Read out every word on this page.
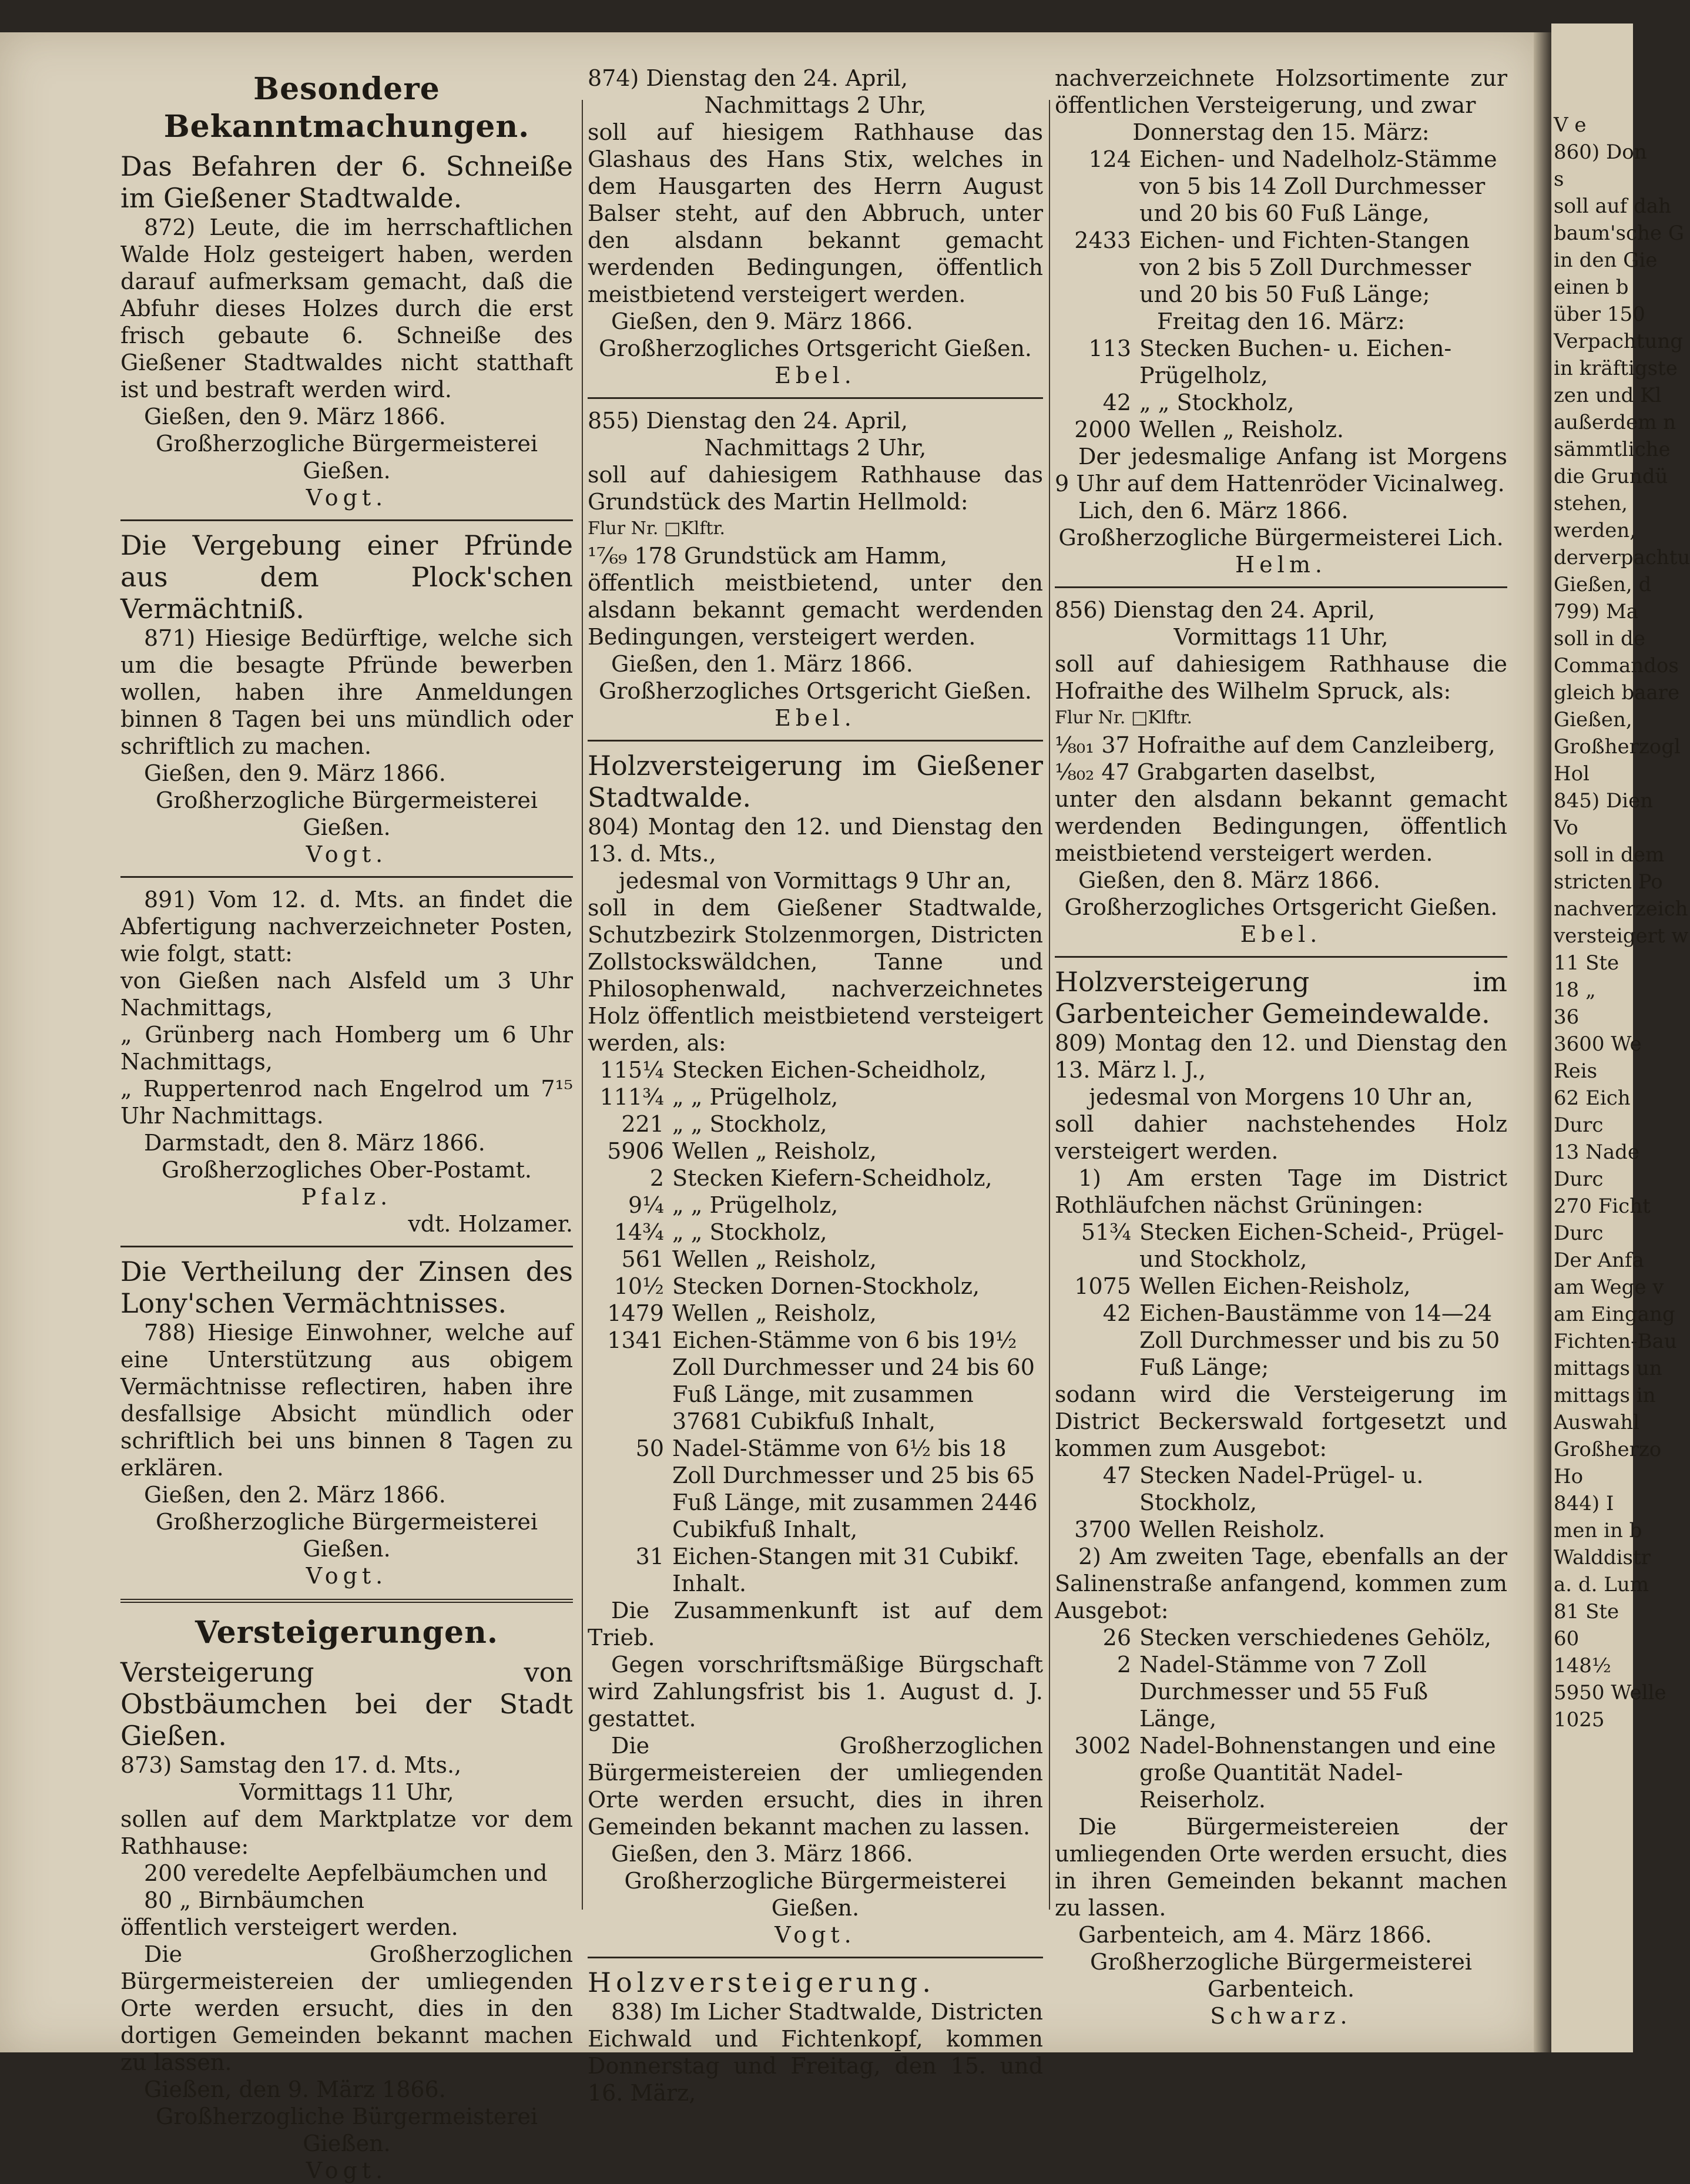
Besondere Bekanntmachungen.

Das Befahren der 6. Schneiße im Gießener Stadtwalde.

872) Leute, die im herrschaftlichen Walde Holz gesteigert haben, werden darauf aufmerksam gemacht, daß die Abfuhr dieses Holzes durch die erst frisch gebaute 6. Schneiße des Gießener Stadtwaldes nicht statthaft ist und bestraft werden wird.

Gießen, den 9. März 1866.

Großherzogliche Bürgermeisterei Gießen.

Vogt.

Die Vergebung einer Pfründe aus dem Plock'schen Vermächtniß.

871) Hiesige Bedürftige, welche sich um die besagte Pfründe bewerben wollen, haben ihre Anmeldungen binnen 8 Tagen bei uns mündlich oder schriftlich zu machen.

Gießen, den 9. März 1866.

Großherzogliche Bürgermeisterei Gießen.

Vogt.

891) Vom 12. d. Mts. an findet die Abfertigung nachverzeichneter Posten, wie folgt, statt:

von Gießen nach Alsfeld um 3 Uhr Nachmittags,

„ Grünberg nach Homberg um 6 Uhr Nachmittags,

„ Ruppertenrod nach Engelrod um 7¹⁵ Uhr Nachmittags.

Darmstadt, den 8. März 1866.

Großherzogliches Ober-Postamt.

Pfalz.

vdt. Holzamer.

Die Vertheilung der Zinsen des Lony'schen Vermächtnisses.

788) Hiesige Einwohner, welche auf eine Unterstützung aus obigem Vermächtnisse reflectiren, haben ihre desfallsige Absicht mündlich oder schriftlich bei uns binnen 8 Tagen zu erklären.

Gießen, den 2. März 1866.

Großherzogliche Bürgermeisterei Gießen.

Vogt.

Versteigerungen.

Versteigerung von Obstbäumchen bei der Stadt Gießen.

873) Samstag den 17. d. Mts.,

Vormittags 11 Uhr,

sollen auf dem Marktplatze vor dem Rathhause:

200 veredelte Aepfelbäumchen und

80 „ Birnbäumchen

öffentlich versteigert werden.

Die Großherzoglichen Bürgermeistereien der umliegenden Orte werden ersucht, dies in den dortigen Gemeinden bekannt machen zu lassen.

Gießen, den 9. März 1866.

Großherzogliche Bürgermeisterei Gießen.

Vogt.

874) Dienstag den 24. April,

Nachmittags 2 Uhr,

soll auf hiesigem Rathhause das Glashaus des Hans Stix, welches in dem Hausgarten des Herrn August Balser steht, auf den Abbruch, unter den alsdann bekannt gemacht werdenden Bedingungen, öffentlich meistbietend versteigert werden.

Gießen, den 9. März 1866.

Großherzogliches Ortsgericht Gießen.

Ebel.

855) Dienstag den 24. April,

Nachmittags 2 Uhr,

soll auf dahiesigem Rathhause das Grundstück des Martin Hellmold:

Flur Nr. □Klftr.

¹⁷⁄₆₉ 178 Grundstück am Hamm,

öffentlich meistbietend, unter den alsdann bekannt gemacht werdenden Bedingungen, versteigert werden.

Gießen, den 1. März 1866.

Großherzogliches Ortsgericht Gießen.

Ebel.

Holzversteigerung im Gießener Stadtwalde.

804) Montag den 12. und Dienstag den 13. d. Mts.,

jedesmal von Vormittags 9 Uhr an,

soll in dem Gießener Stadtwalde, Schutzbezirk Stolzenmorgen, Districten Zollstockswäldchen, Tanne und Philosophenwald, nachverzeichnetes Holz öffentlich meistbietend versteigert werden, als:

115¼ Stecken Eichen-Scheidholz,
111¾ „ „ Prügelholz,
221 „ „ Stockholz,
5906 Wellen „ Reisholz,
2 Stecken Kiefern-Scheidholz,
9¼ „ „ Prügelholz,
14¾ „ „ Stockholz,
561 Wellen „ Reisholz,
10½ Stecken Dornen-Stockholz,
1479 Wellen „ Reisholz,
1341 Eichen-Stämme von 6 bis 19½ Zoll Durchmesser und 24 bis 60 Fuß Länge, mit zusammen 37681 Cubikfuß Inhalt,
50 Nadel-Stämme von 6½ bis 18 Zoll Durchmesser und 25 bis 65 Fuß Länge, mit zusammen 2446 Cubikfuß Inhalt,
31 Eichen-Stangen mit 31 Cubikf. Inhalt.

Die Zusammenkunft ist auf dem Trieb.

Gegen vorschriftsmäßige Bürgschaft wird Zahlungsfrist bis 1. August d. J. gestattet.

Die Großherzoglichen Bürgermeistereien der umliegenden Orte werden ersucht, dies in ihren Gemeinden bekannt machen zu lassen.

Gießen, den 3. März 1866.

Großherzogliche Bürgermeisterei Gießen.

Vogt.

Holzversteigerung.

838) Im Licher Stadtwalde, Districten Eichwald und Fichtenkopf, kommen Donnerstag und Freitag, den 15. und 16. März,

nachverzeichnete Holzsortimente zur öffentlichen Versteigerung, und zwar

Donnerstag den 15. März:

124 Eichen- und Nadelholz-Stämme von 5 bis 14 Zoll Durchmesser und 20 bis 60 Fuß Länge,
2433 Eichen- und Fichten-Stangen von 2 bis 5 Zoll Durchmesser und 20 bis 50 Fuß Länge;

Freitag den 16. März:

113 Stecken Buchen- u. Eichen-Prügelholz,
42 „ „ Stockholz,
2000 Wellen „ Reisholz.

Der jedesmalige Anfang ist Morgens 9 Uhr auf dem Hattenröder Vicinalweg.

Lich, den 6. März 1866.

Großherzogliche Bürgermeisterei Lich.

Helm.

856) Dienstag den 24. April,

Vormittags 11 Uhr,

soll auf dahiesigem Rathhause die Hofraithe des Wilhelm Spruck, als:

Flur Nr. □Klftr.

¹⁄₈₀₁ 37 Hofraithe auf dem Canzleiberg,

¹⁄₈₀₂ 47 Grabgarten daselbst,

unter den alsdann bekannt gemacht werdenden Bedingungen, öffentlich meistbietend versteigert werden.

Gießen, den 8. März 1866.

Großherzogliches Ortsgericht Gießen.

Ebel.

Holzversteigerung im Garbenteicher Gemeindewalde.

809) Montag den 12. und Dienstag den 13. März l. J.,

jedesmal von Morgens 10 Uhr an,

soll dahier nachstehendes Holz versteigert werden.

1) Am ersten Tage im District Rothläufchen nächst Grüningen:

51¾ Stecken Eichen-Scheid-, Prügel- und Stockholz,
1075 Wellen Eichen-Reisholz,
42 Eichen-Baustämme von 14—24 Zoll Durchmesser und bis zu 50 Fuß Länge;

sodann wird die Versteigerung im District Beckerswald fortgesetzt und kommen zum Ausgebot:

47 Stecken Nadel-Prügel- u. Stockholz,
3700 Wellen Reisholz.

2) Am zweiten Tage, ebenfalls an der Salinenstraße anfangend, kommen zum Ausgebot:

26 Stecken verschiedenes Gehölz,
2 Nadel-Stämme von 7 Zoll Durchmesser und 55 Fuß Länge,
3002 Nadel-Bohnenstangen und eine große Quantität Nadel-Reiserholz.

Die Bürgermeistereien der umliegenden Orte werden ersucht, dies in ihren Gemeinden bekannt machen zu lassen.

Garbenteich, am 4. März 1866.

Großherzogliche Bürgermeisterei Garbenteich.

Schwarz.

V e
860) Don
s
soll auf dah
baum'sche G
in den Gie
einen b
über 150
Verpachtung
in kräftigste
zen und Kl
außerdem n
sämmtliche
die Grundü
stehen,
werden,
derverpachtu
Gießen, d
799) Ma
soll in de
Commandos
gleich baare
Gießen,
Großherzogl
Hol
845) Dien
Vo
soll in dem
stricten Po
nachverzeich
versteigert w
11 Ste
18 „
36
3600 We
Reis
62 Eich
Durc
13 Nade
Durc
270 Ficht
Durc
Der Anfa
am Wege v
am Eingang
Fichten-Bau
mittags un
mittags in
Auswahl
Großherzo
Ho
844) I
men in b
Walddistr
a. d. Lum
81 Ste
60
148½
5950 Welle
1025
